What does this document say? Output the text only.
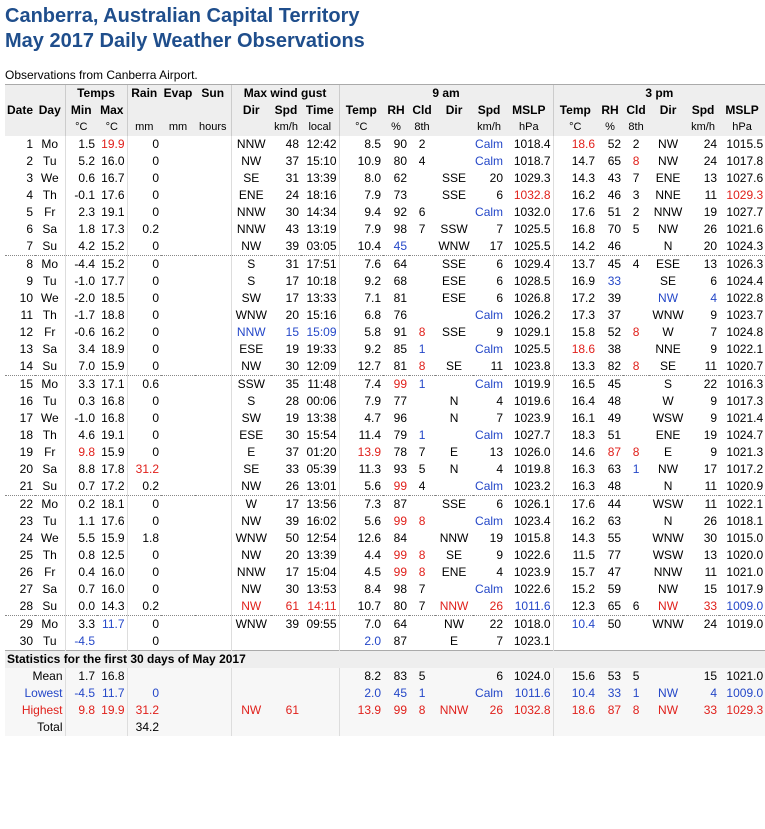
Canberra, Australian Capital Territory
May 2017 Daily Weather Observations
Observations from Canberra Airport.
Date	Day	Temps		Rain	Evap	Sun	Max wind gust			9 am						3 pm					
		Min	Max				Dir	Spd	Time	Temp	RH	Cld	Dir	Spd	MSLP	Temp	RH	Cld	Dir	Spd	MSLP
		°C	°C	mm	mm	hours		km/h	local	°C	%	8th		km/h	hPa	°C	%	8th		km/h	hPa
1	Mo	1.5	19.9	0			NNW	48	12:42	8.5	90	2		Calm	1018.4	18.6	52	2	NW	24	1015.5
2	Tu	5.2	16.0	0			NW	37	15:10	10.9	80	4		Calm	1018.7	14.7	65	8	NW	24	1017.8
3	We	0.6	16.7	0			SE	31	13:39	8.0	62		SSE	20	1029.3	14.3	43	7	ENE	13	1027.6
4	Th	-0.1	17.6	0			ENE	24	18:16	7.9	73		SSE	6	1032.8	16.2	46	3	NNE	11	1029.3
5	Fr	2.3	19.1	0			NNW	30	14:34	9.4	92	6		Calm	1032.0	17.6	51	2	NNW	19	1027.7
6	Sa	1.8	17.3	0.2			NNW	43	13:19	7.9	98	7	SSW	7	1025.5	16.8	70	5	NW	26	1021.6
7	Su	4.2	15.2	0			NW	39	03:05	10.4	45		WNW	17	1025.5	14.2	46		N	20	1024.3
8	Mo	-4.4	15.2	0			S	31	17:51	7.6	64		SSE	6	1029.4	13.7	45	4	ESE	13	1026.3
9	Tu	-1.0	17.7	0			S	17	10:18	9.2	68		ESE	6	1028.5	16.9	33		SE	6	1024.4
10	We	-2.0	18.5	0			SW	17	13:33	7.1	81		ESE	6	1026.8	17.2	39		NW	4	1022.8
11	Th	-1.7	18.8	0			WNW	20	15:16	6.8	76			Calm	1026.2	17.3	37		WNW	9	1023.7
12	Fr	-0.6	16.2	0			NNW	15	15:09	5.8	91	8	SSE	9	1029.1	15.8	52	8	W	7	1024.8
13	Sa	3.4	18.9	0			ESE	19	19:33	9.2	85	1		Calm	1025.5	18.6	38		NNE	9	1022.1
14	Su	7.0	15.9	0			NW	30	12:09	12.7	81	8	SE	11	1023.8	13.3	82	8	SE	11	1020.7
15	Mo	3.3	17.1	0.6			SSW	35	11:48	7.4	99	1		Calm	1019.9	16.5	45		S	22	1016.3
16	Tu	0.3	16.8	0			S	28	00:06	7.9	77		N	4	1019.6	16.4	48		W	9	1017.3
17	We	-1.0	16.8	0			SW	19	13:38	4.7	96		N	7	1023.9	16.1	49		WSW	9	1021.4
18	Th	4.6	19.1	0			ESE	30	15:54	11.4	79	1		Calm	1027.7	18.3	51		ENE	19	1024.7
19	Fr	9.8	15.9	0			E	37	01:20	13.9	78	7	E	13	1026.0	14.6	87	8	E	9	1021.3
20	Sa	8.8	17.8	31.2			SE	33	05:39	11.3	93	5	N	4	1019.8	16.3	63	1	NW	17	1017.2
21	Su	0.7	17.2	0.2			NW	26	13:01	5.6	99	4		Calm	1023.2	16.3	48		N	11	1020.9
22	Mo	0.2	18.1	0			W	17	13:56	7.3	87		SSE	6	1026.1	17.6	44		WSW	11	1022.1
23	Tu	1.1	17.6	0			NW	39	16:02	5.6	99	8		Calm	1023.4	16.2	63		N	26	1018.1
24	We	5.5	15.9	1.8			WNW	50	12:54	12.6	84		NNW	19	1015.8	14.3	55		WNW	30	1015.0
25	Th	0.8	12.5	0			NW	20	13:39	4.4	99	8	SE	9	1022.6	11.5	77		WSW	13	1020.0
26	Fr	0.4	16.0	0			NNW	17	15:04	4.5	99	8	ENE	4	1023.9	15.7	47		NNW	11	1021.0
27	Sa	0.7	16.0	0			NW	30	13:53	8.4	98	7		Calm	1022.6	15.2	59		NW	15	1017.9
28	Su	0.0	14.3	0.2			NW	61	14:11	10.7	80	7	NNW	26	1011.6	12.3	65	6	NW	33	1009.0
29	Mo	3.3	11.7	0			WNW	39	09:55	7.0	64		NW	22	1018.0	10.4	50		WNW	24	1019.0
30	Tu	-4.5		0						2.0	87		E	7	1023.1						
Statistics for the first 30 days of May 2017																					
Mean		1.7	16.8							8.2	83	5		6	1024.0	15.6	53	5		15	1021.0
Lowest		-4.5	11.7	0						2.0	45	1		Calm	1011.6	10.4	33	1	NW	4	1009.0
Highest		9.8	19.9	31.2			NW	61		13.9	99	8	NNW	26	1032.8	18.6	87	8	NW	33	1029.3
Total				34.2																	
